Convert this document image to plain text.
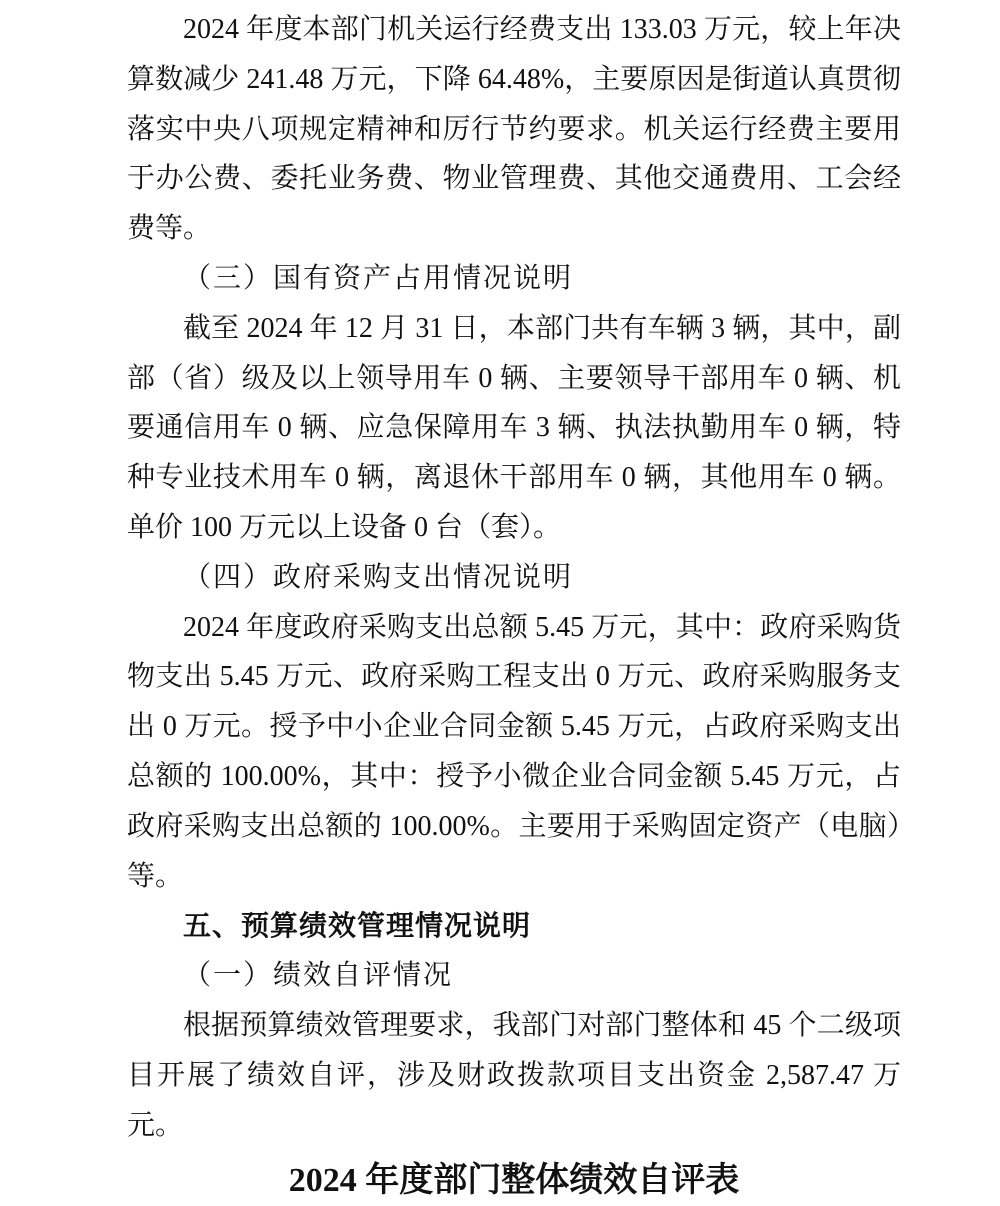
2024 年度本部门机关运行经费支出 133.03 万元，较上年决算数减少 241.48 万元，下降 64.48%，主要原因是街道认真贯彻落实中央八项规定精神和厉行节约要求。机关运行经费主要用于办公费、委托业务费、物业管理费、其他交通费用、工会经费等。

（三）国有资产占用情况说明

截至 2024 年 12 月 31 日，本部门共有车辆 3 辆，其中，副部（省）级及以上领导用车 0 辆、主要领导干部用车 0 辆、机要通信用车 0 辆、应急保障用车 3 辆、执法执勤用车 0 辆，特种专业技术用车 0 辆，离退休干部用车 0 辆，其他用车 0 辆。单价 100 万元以上设备 0 台（套）。

（四）政府采购支出情况说明

2024 年度政府采购支出总额 5.45 万元，其中：政府采购货物支出 5.45 万元、政府采购工程支出 0 万元、政府采购服务支出 0 万元。授予中小企业合同金额 5.45 万元，占政府采购支出总额的 100.00%，其中：授予小微企业合同金额 5.45 万元，占政府采购支出总额的 100.00%。主要用于采购固定资产（电脑）等。

五、预算绩效管理情况说明

（一）绩效自评情况

根据预算绩效管理要求，我部门对部门整体和 45 个二级项目开展了绩效自评，涉及财政拨款项目支出资金 2,587.47 万元。

2024 年度部门整体绩效自评表
